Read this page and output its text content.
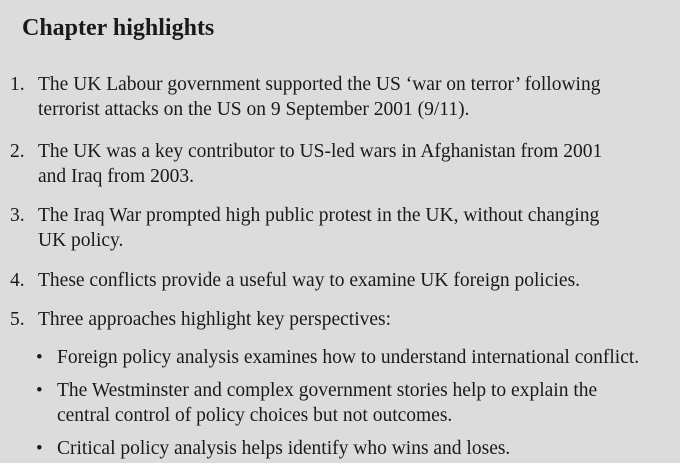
Chapter highlights
1. The UK Labour government supported the US ‘war on terror’ following
terrorist attacks on the US on 9 September 2001 (9/11).
2. The UK was a key contributor to US-led wars in Afghanistan from 2001
and Iraq from 2003.
3. The Iraq War prompted high public protest in the UK, without changing
UK policy.
4. These conflicts provide a useful way to examine UK foreign policies.
5. Three approaches highlight key perspectives:
• Foreign policy analysis examines how to understand international conflict.
• The Westminster and complex government stories help to explain the
central control of policy choices but not outcomes.
• Critical policy analysis helps identify who wins and loses.
